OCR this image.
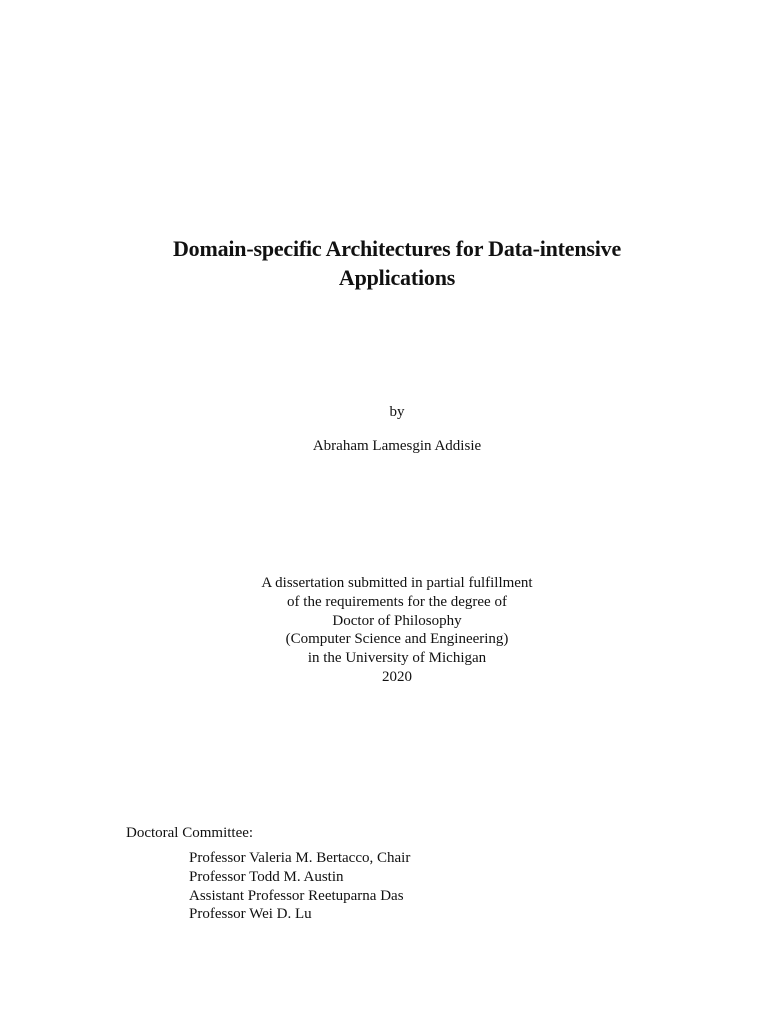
Domain-specific Architectures for Data-intensive
Applications
by
Abraham Lamesgin Addisie
A dissertation submitted in partial fulfillment
of the requirements for the degree of
Doctor of Philosophy
(Computer Science and Engineering)
in the University of Michigan
2020
Doctoral Committee:
Professor Valeria M. Bertacco, Chair
Professor Todd M. Austin
Assistant Professor Reetuparna Das
Professor Wei D. Lu
